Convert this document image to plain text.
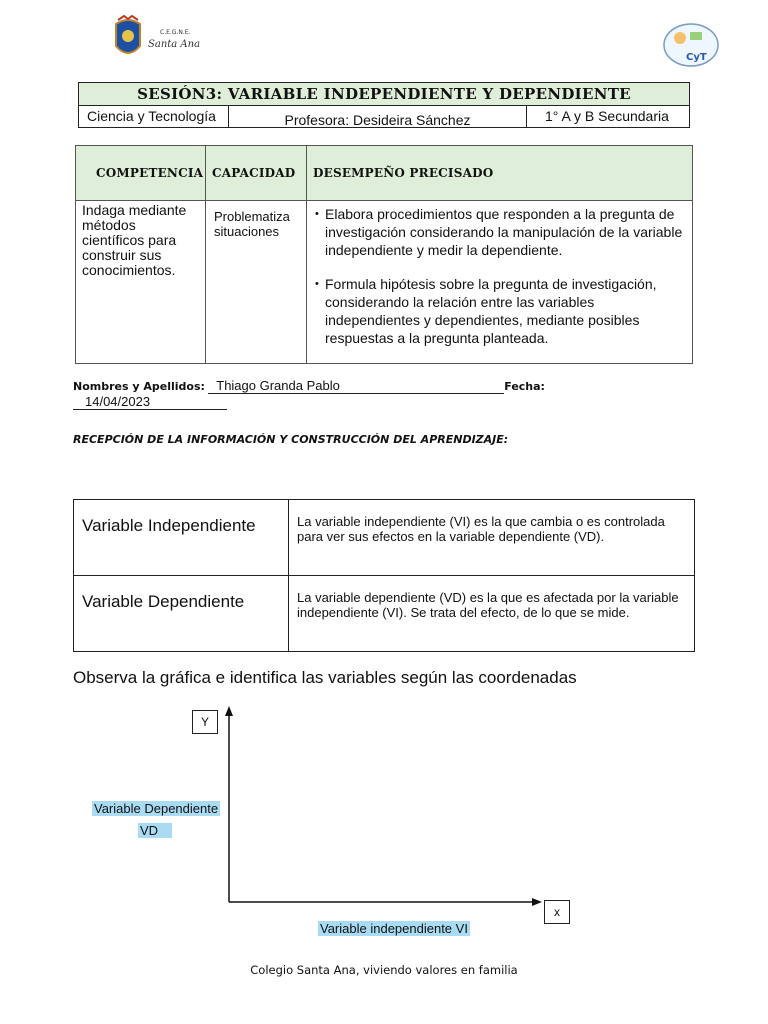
C.E.G.N.E.
Santa Ana
CyT
SESIÓN3: VARIABLE INDEPENDIENTE Y DEPENDIENTE
Ciencia y Tecnología	Profesora: Desideira Sánchez	1° A y B Secundaria
COMPETENCIA	CAPACIDAD	DESEMPEÑO PRECISADO
Indaga mediante métodos científicos para construir sus conocimientos.	Problematiza situaciones	• Elabora procedimientos que responden a la pregunta de investigación considerando la manipulación de la variable independiente y medir la dependiente.
• Formula hipótesis sobre la pregunta de investigación, considerando la relación entre las variables independientes y dependientes, mediante posibles respuestas a la pregunta planteada.
Nombres y Apellidos: Thiago Granda Pablo	Fecha: 14/04/2023
RECEPCIÓN DE LA INFORMACIÓN Y CONSTRUCCIÓN DEL APRENDIZAJE:
Variable Independiente	La variable independiente (VI) es la que cambia o es controlada para ver sus efectos en la variable dependiente (VD).
Variable Dependiente	La variable dependiente (VD) es la que es afectada por la variable independiente (VI). Se trata del efecto, de lo que se mide.
Observa la gráfica e identifica las variables según las coordenadas
Y
x
Variable Dependiente
VD
Variable independiente VI
Colegio Santa Ana, viviendo valores en familia
